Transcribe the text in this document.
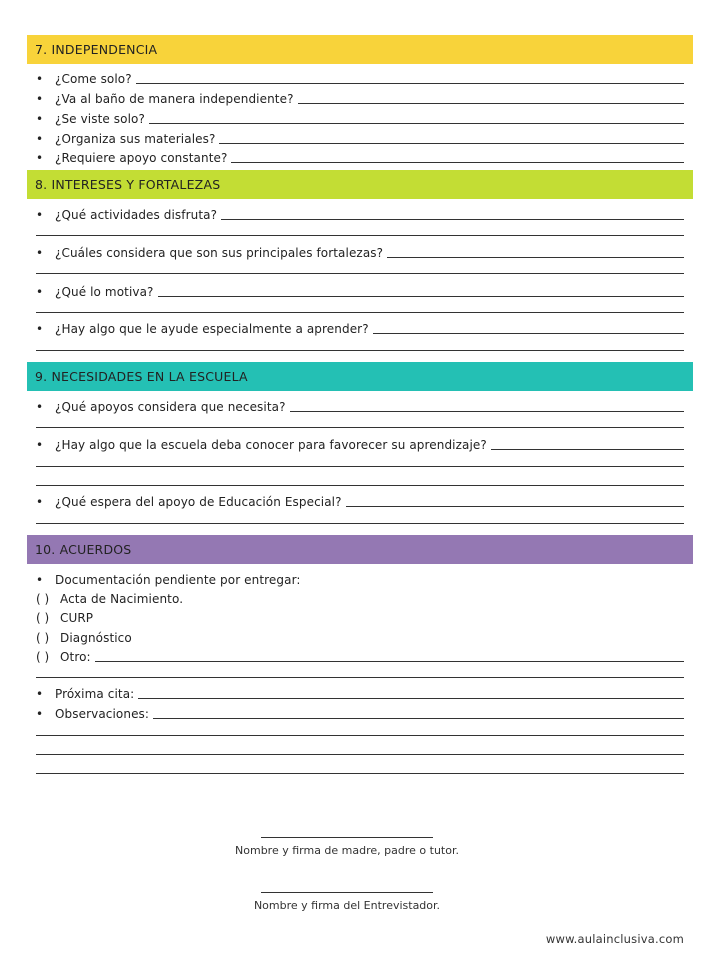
7. INDEPENDENCIA
• ¿Come solo?
• ¿Va al baño de manera independiente?
• ¿Se viste solo?
• ¿Organiza sus materiales?
• ¿Requiere apoyo constante?
8. INTERESES Y FORTALEZAS
• ¿Qué actividades disfruta?
• ¿Cuáles considera que son sus principales fortalezas?
• ¿Qué lo motiva?
• ¿Hay algo que le ayude especialmente a aprender?
9. NECESIDADES EN LA ESCUELA
• ¿Qué apoyos considera que necesita?
• ¿Hay algo que la escuela deba conocer para favorecer su aprendizaje?
• ¿Qué espera del apoyo de Educación Especial?
10. ACUERDOS
• Documentación pendiente por entregar:
( ) Acta de Nacimiento.
( ) CURP
( ) Diagnóstico
( ) Otro:
• Próxima cita:
• Observaciones:
Nombre y firma de madre, padre o tutor.
Nombre y firma del Entrevistador.
www.aulainclusiva.com
